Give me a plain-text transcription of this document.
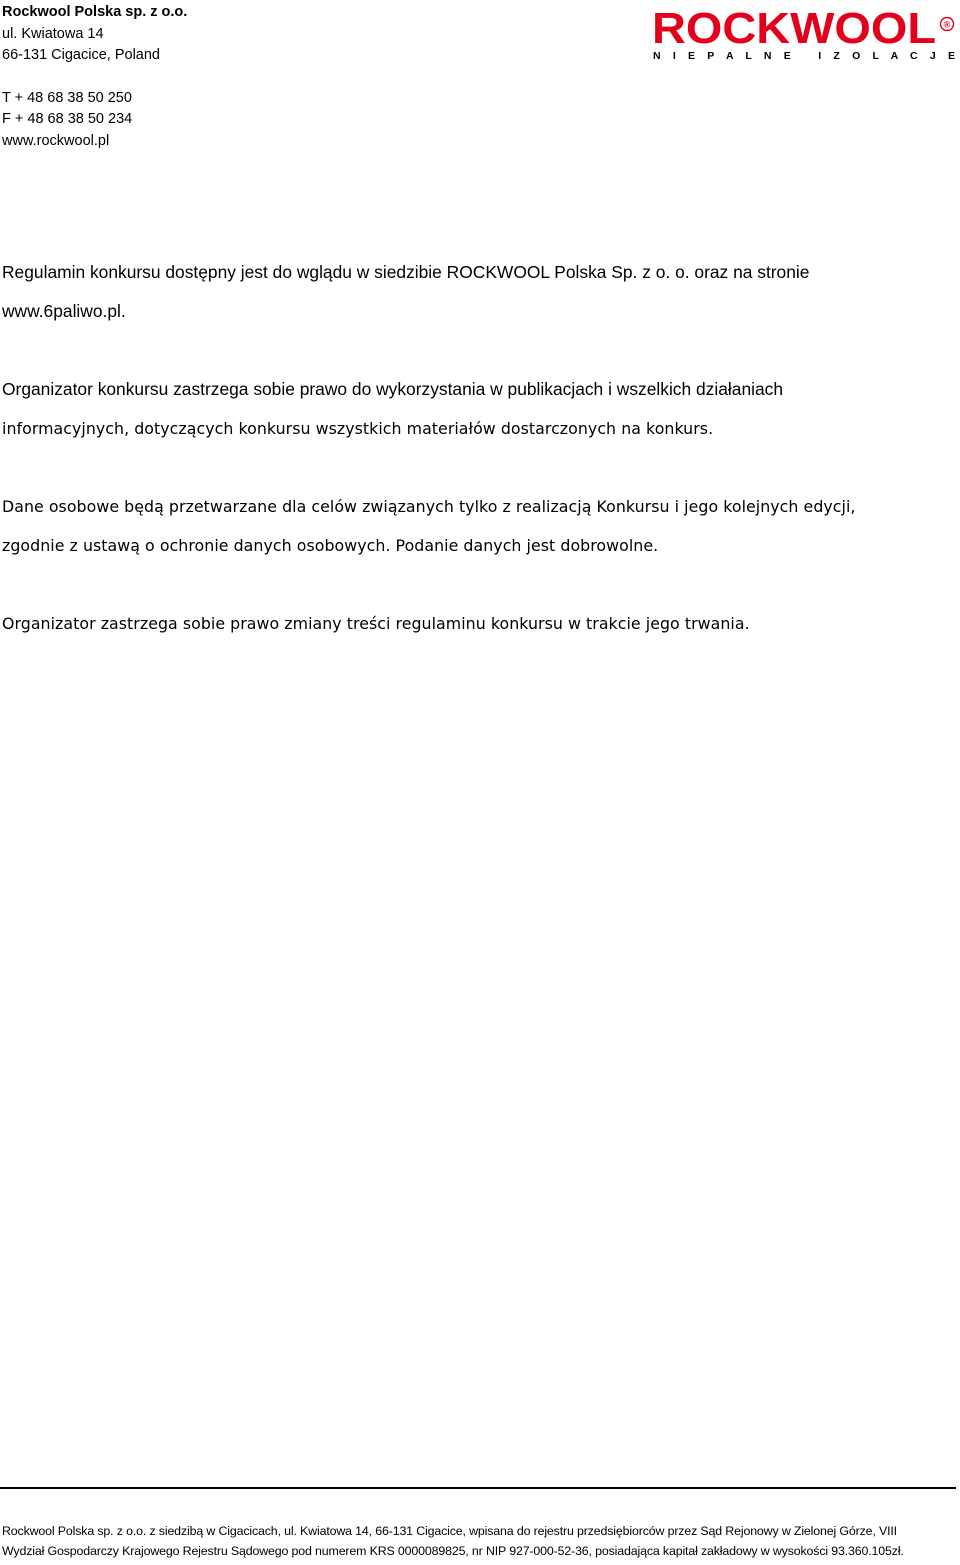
Rockwool Polska sp. z o.o.
ul. Kwiatowa 14
66-131 Cigacice, Poland
T + 48 68 38 50 250
F + 48 68 38 50 234
www.rockwool.pl
ROCKWOOL ®
N I E P A L N E   I Z O L A C J E

Regulamin konkursu dostępny jest do wglądu w siedzibie ROCKWOOL Polska Sp. z o. o. oraz na stronie
www.6paliwo.pl.

Organizator konkursu zastrzega sobie prawo do wykorzystania w publikacjach i wszelkich działaniach
informacyjnych, dotyczących konkursu wszystkich materiałów dostarczonych na konkurs.

Dane osobowe będą przetwarzane dla celów związanych tylko z realizacją Konkursu i jego kolejnych edycji,
zgodnie z ustawą o ochronie danych osobowych. Podanie danych jest dobrowolne.

Organizator zastrzega sobie prawo zmiany treści regulaminu konkursu w trakcie jego trwania.

Rockwool Polska sp. z o.o. z siedzibą w Cigacicach, ul. Kwiatowa 14, 66-131 Cigacice, wpisana do rejestru przedsiębiorców przez Sąd Rejonowy w Zielonej Górze, VIII
Wydział Gospodarczy Krajowego Rejestru Sądowego pod numerem KRS 0000089825, nr NIP 927-000-52-36, posiadająca kapitał zakładowy w wysokości 93.360.105zł.
